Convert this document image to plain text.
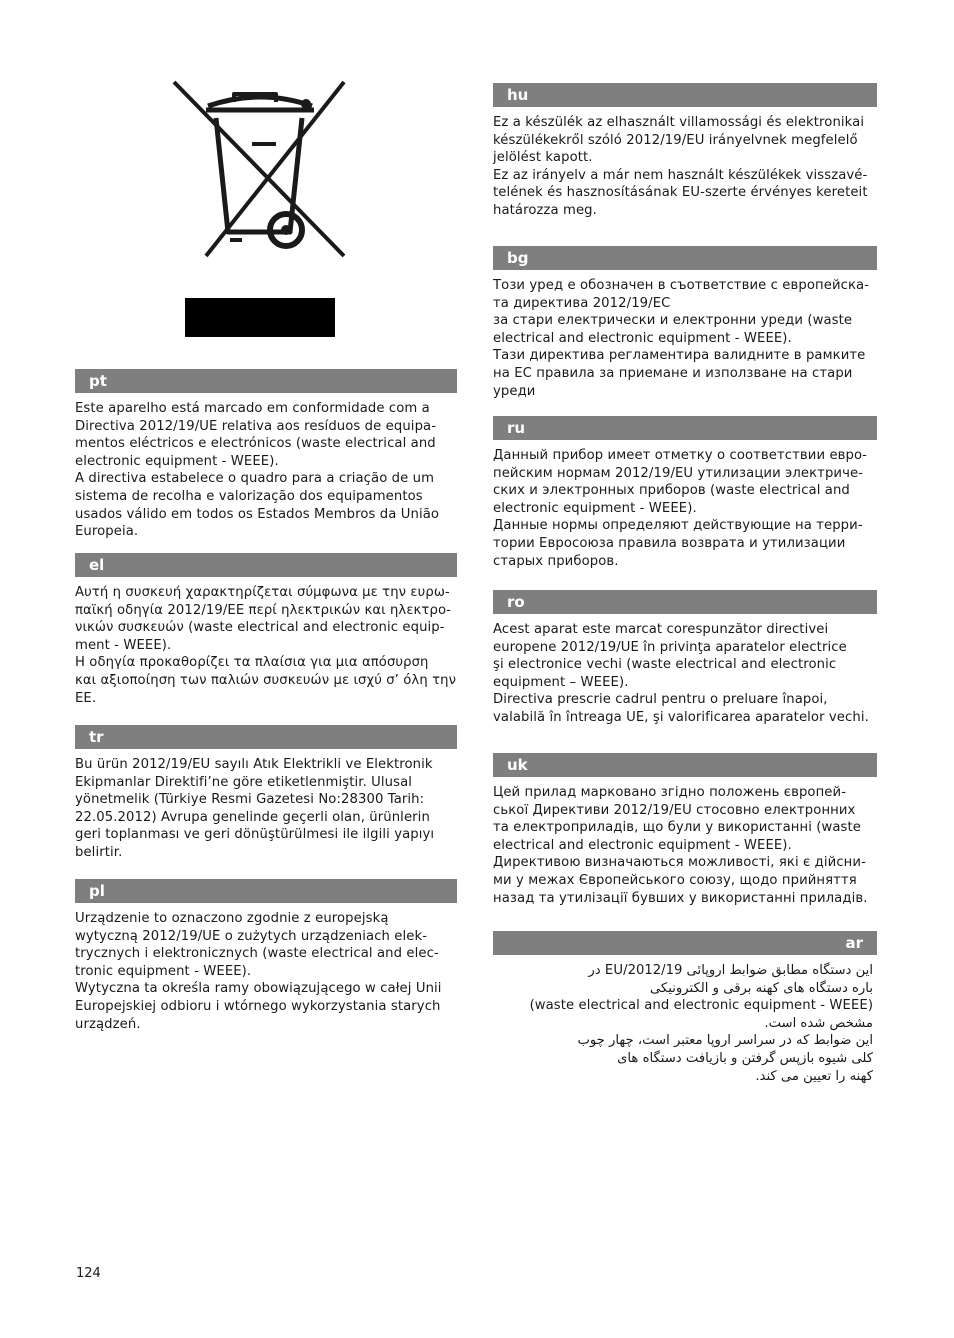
pt

Este aparelho está marcado em conformidade com a
Directiva 2012/19/UE relativa aos resíduos de equipa-
mentos eléctricos e electrónicos (waste electrical and
electronic equipment - WEEE).
A directiva estabelece o quadro para a criação de um
sistema de recolha e valorização dos equipamentos
usados válido em todos os Estados Membros da União
Europeia.

el

Αυτή η συσκευή χαρακτηρίζεται σύμφωνα με την ευρω-
παϊκή οδηγία 2012/19/ΕΕ περί ηλεκτρικών και ηλεκτρο-
νικών συσκευών (waste electrical and electronic equip-
ment - WEEE).
Η οδηγία προκαθορίζει τα πλαίσια για μια απόσυρση
και αξιοποίηση των παλιών συσκευών με ισχύ σ’ όλη την
ΕΕ.

tr

Bu ürün 2012/19/EU sayılı Atık Elektrikli ve Elektronik
Ekipmanlar Direktifi’ne göre etiketlenmiştir. Ulusal
yönetmelik (Türkiye Resmi Gazetesi No:28300 Tarih:
22.05.2012) Avrupa genelinde geçerli olan, ürünlerin
geri toplanması ve geri dönüştürülmesi ile ilgili yapıyı
belirtir.

pl

Urządzenie to oznaczono zgodnie z europejską
wytyczną 2012/19/UE o zużytych urządzeniach elek-
trycznych i elektronicznych (waste electrical and elec-
tronic equipment - WEEE).
Wytyczna ta określa ramy obowiązującego w całej Unii
Europejskiej odbioru i wtórnego wykorzystania starych
urządzeń.

hu

Ez a készülék az elhasznált villamossági és elektronikai
készülékekről szóló 2012/19/EU irányelvnek megfelelő
jelölést kapott.
Ez az irányelv a már nem használt készülékek visszavé-
telének és hasznosításának EU-szerte érvényes kereteit
határozza meg.

bg

Този уред е обозначен в съответствие с европейска-
та директива 2012/19/ЕС
за стари електрически и електронни уреди (waste
electrical and electronic equipment - WEEE).
Тази директива регламентира валидните в рамките
на ЕС правила за приемане и използване на стари
уреди

ru

Данный прибор имеет отметку о соответствии евро-
пейским нормам 2012/19/EU утилизации электриче-
ских и электронных приборов (waste electrical and
electronic equipment - WEEE).
Данные нормы определяют действующие на терри-
тории Евросоюза правила возврата и утилизации
старых приборов.

ro

Acest aparat este marcat corespunzător directivei
europene 2012/19/UE în privinţa aparatelor electrice
şi electronice vechi (waste electrical and electronic
equipment – WEEE).
Directiva prescrie cadrul pentru o preluare înapoi,
valabilă în întreaga UE, şi valorificarea aparatelor vechi.

uk

Цей прилад марковано згідно положень європей-
ської Директиви 2012/19/EU стосовно електронних
та електроприладів, що були у використанні (waste
electrical and electronic equipment - WEEE).
Директивою визначаються можливості, які є дійсни-
ми у межах Європейського союзу, щодо прийняття
назад та утилізації бувших у використанні приладів.

ar

این دستگاه مطابق ضوابط اروپائی 2012/19/EU در
باره دستگاه های کهنه برقی و الکترونیکی
(waste electrical and electronic equipment - WEEE)
مشخص شده است.
این ضوابط که در سراسر اروپا معتبر است، چهار چوب
کلی شیوه بازپس گرفتن و بازیافت دستگاه های
کهنه را تعیین می کند.

124
